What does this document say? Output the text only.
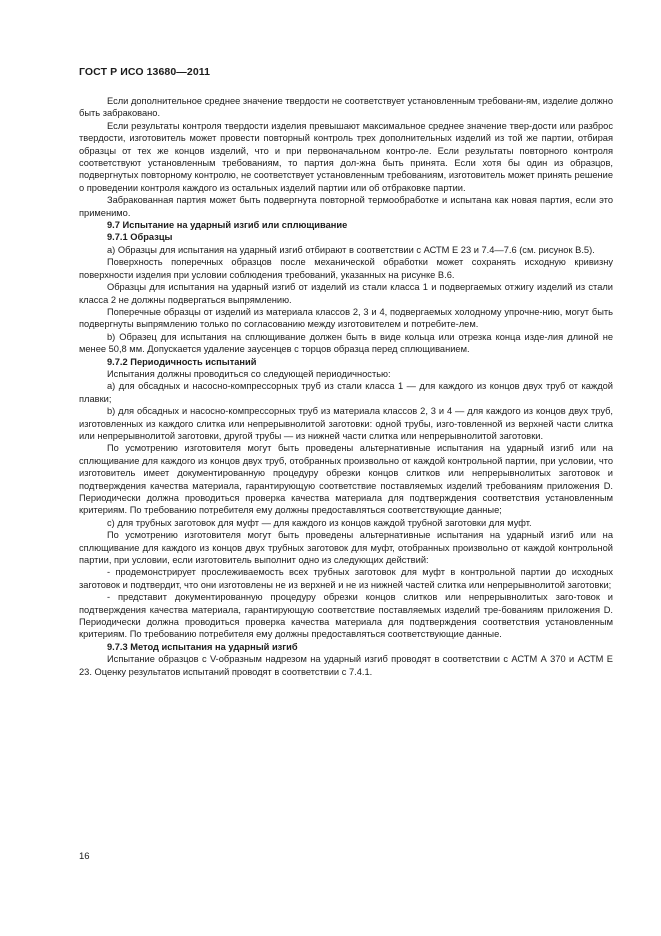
ГОСТ Р ИСО 13680—2011

Если дополнительное среднее значение твердости не соответствует установленным требовани-ям, изделие должно быть забраковано.

Если результаты контроля твердости изделия превышают максимальное среднее значение твер-дости или разброс твердости, изготовитель может провести повторный контроль трех дополнительных изделий из той же партии, отбирая образцы от тех же концов изделий, что и при первоначальном контро-ле. Если результаты повторного контроля соответствуют установленным требованиям, то партия дол-жна быть принята. Если хотя бы один из образцов, подвергнутых повторному контролю, не соответствует установленным требованиям, изготовитель может принять решение о проведении контроля каждого из остальных изделий партии или об отбраковке партии.

Забракованная партия может быть подвергнута повторной термообработке и испытана как новая партия, если это применимо.

9.7 Испытание на ударный изгиб или сплющивание

9.7.1 Образцы

a) Образцы для испытания на ударный изгиб отбирают в соответствии с АСТМ Е 23 и 7.4—7.6 (см. рисунок В.5).

Поверхность поперечных образцов после механической обработки может сохранять исходную кривизну поверхности изделия при условии соблюдения требований, указанных на рисунке В.6.

Образцы для испытания на ударный изгиб от изделий из стали класса 1 и подвергаемых отжигу изделий из стали класса 2 не должны подвергаться выпрямлению.

Поперечные образцы от изделий из материала классов 2, 3 и 4, подвергаемых холодному упрочне-нию, могут быть подвергнуты выпрямлению только по согласованию между изготовителем и потребите-лем.

b) Образец для испытания на сплющивание должен быть в виде кольца или отрезка конца изде-лия длиной не менее 50,8 мм. Допускается удаление заусенцев с торцов образца перед сплющиванием.

9.7.2 Периодичность испытаний

Испытания должны проводиться со следующей периодичностью:

a) для обсадных и насосно-компрессорных труб из стали класса 1 — для каждого из концов двух труб от каждой плавки;

b) для обсадных и насосно-компрессорных труб из материала классов 2, 3 и 4 — для каждого из концов двух труб, изготовленных из каждого слитка или непрерывнолитой заготовки: одной трубы, изго-товленной из верхней части слитка или непрерывнолитой заготовки, другой трубы — из нижней части слитка или непрерывнолитой заготовки.

По усмотрению изготовителя могут быть проведены альтернативные испытания на ударный изгиб или на сплющивание для каждого из концов двух труб, отобранных произвольно от каждой контрольной партии, при условии, что изготовитель имеет документированную процедуру обрезки концов слитков или непрерывнолитых заготовок и подтверждения качества материала, гарантирующую соответствие поставляемых изделий требованиям приложения D. Периодически должна проводиться проверка качества материала для подтверждения соответствия установленным критериям. По требованию потребителя ему должны предоставляться соответствующие данные;

c) для трубных заготовок для муфт — для каждого из концов каждой трубной заготовки для муфт.

По усмотрению изготовителя могут быть проведены альтернативные испытания на ударный изгиб или на сплющивание для каждого из концов двух трубных заготовок для муфт, отобранных произвольно от каждой контрольной партии, при условии, если изготовитель выполнит одно из следующих действий:

- продемонстрирует прослеживаемость всех трубных заготовок для муфт в контрольной партии до исходных заготовок и подтвердит, что они изготовлены не из верхней и не из нижней частей слитка или непрерывнолитой заготовки;

- представит документированную процедуру обрезки концов слитков или непрерывнолитых заго-товок и подтверждения качества материала, гарантирующую соответствие поставляемых изделий тре-бованиям приложения D. Периодически должна проводиться проверка качества материала для подтверждения соответствия установленным критериям. По требованию потребителя ему должны предоставляться соответствующие данные.

9.7.3 Метод испытания на ударный изгиб

Испытание образцов с V-образным надрезом на ударный изгиб проводят в соответствии с АСТМ А 370 и АСТМ Е 23. Оценку результатов испытаний проводят в соответствии с 7.4.1.

16
